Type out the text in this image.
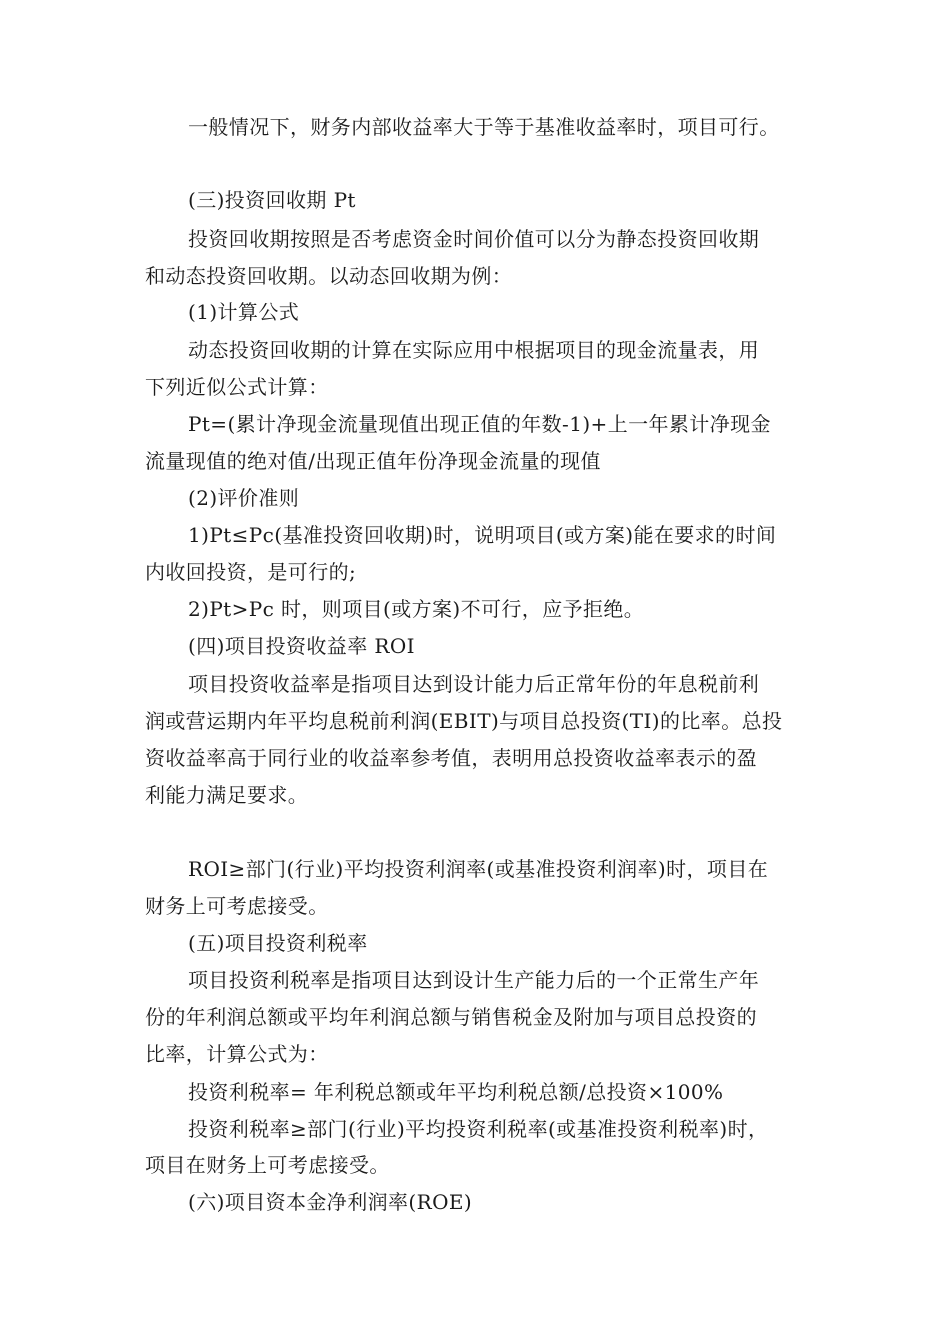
一般情况下，财务内部收益率大于等于基准收益率时，项目可行。
(三)投资回收期 Pt
投资回收期按照是否考虑资金时间价值可以分为静态投资回收期
和动态投资回收期。以动态回收期为例：
(1)计算公式
动态投资回收期的计算在实际应用中根据项目的现金流量表，用
下列近似公式计算：
Pt=(累计净现金流量现值出现正值的年数-1)+上一年累计净现金
流量现值的绝对值/出现正值年份净现金流量的现值
(2)评价准则
1)Pt≤Pc(基准投资回收期)时，说明项目(或方案)能在要求的时间
内收回投资，是可行的;
2)Pt>Pc 时，则项目(或方案)不可行，应予拒绝。
(四)项目投资收益率 ROI
项目投资收益率是指项目达到设计能力后正常年份的年息税前利
润或营运期内年平均息税前利润(EBIT)与项目总投资(TI)的比率。总投
资收益率高于同行业的收益率参考值，表明用总投资收益率表示的盈
利能力满足要求。
ROI≥部门(行业)平均投资利润率(或基准投资利润率)时，项目在
财务上可考虑接受。
(五)项目投资利税率
项目投资利税率是指项目达到设计生产能力后的一个正常生产年
份的年利润总额或平均年利润总额与销售税金及附加与项目总投资的
比率，计算公式为：
投资利税率= 年利税总额或年平均利税总额/总投资×100%
投资利税率≥部门(行业)平均投资利税率(或基准投资利税率)时，
项目在财务上可考虑接受。
(六)项目资本金净利润率(ROE)
